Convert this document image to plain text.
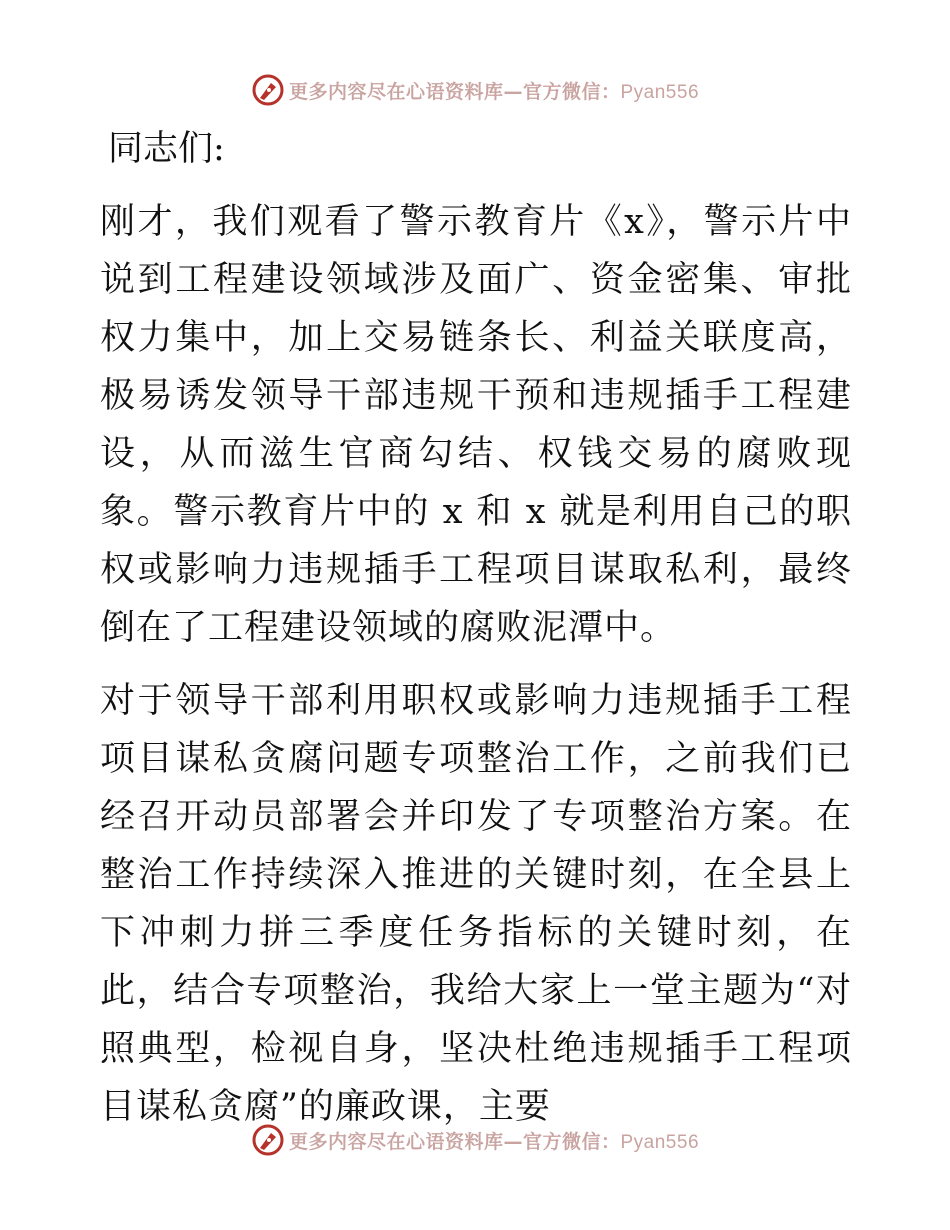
更多内容尽在心语资料库—官方微信：Pyan556

同志们:

刚才，我们观看了警示教育片《x》，警示片中说到工程建设领域涉及面广、资金密集、审批权力集中，加上交易链条长、利益关联度高，极易诱发领导干部违规干预和违规插手工程建设，从而滋生官商勾结、权钱交易的腐败现象。警示教育片中的 x 和 x 就是利用自己的职权或影响力违规插手工程项目谋取私利，最终倒在了工程建设领域的腐败泥潭中。

对于领导干部利用职权或影响力违规插手工程项目谋私贪腐问题专项整治工作，之前我们已经召开动员部署会并印发了专项整治方案。在整治工作持续深入推进的关键时刻，在全县上下冲刺力拼三季度任务指标的关键时刻，在此，结合专项整治，我给大家上一堂主题为“对照典型，检视自身，坚决杜绝违规插手工程项目谋私贪腐”的廉政课，主要

更多内容尽在心语资料库—官方微信：Pyan556
